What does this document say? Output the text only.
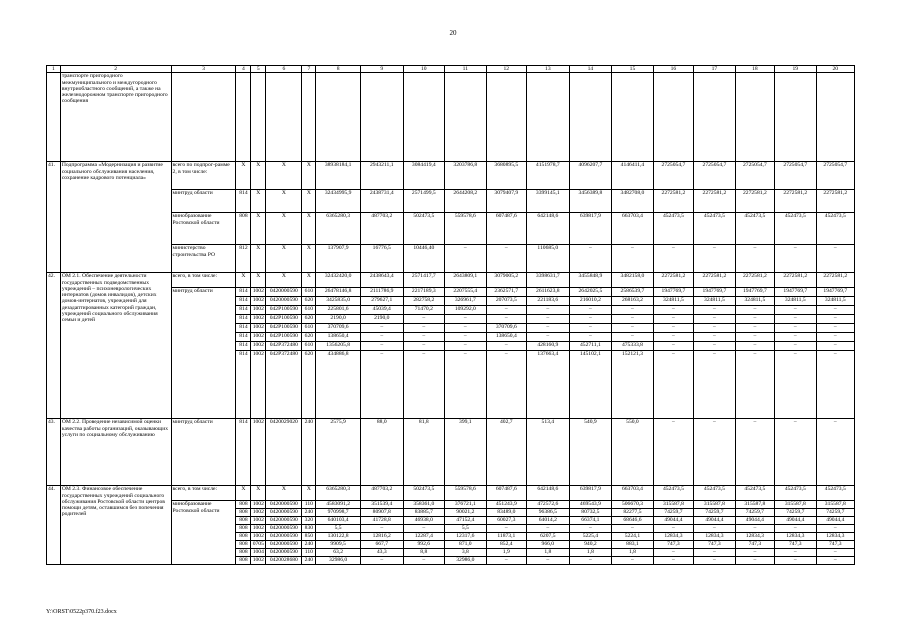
20
1	2	3	4	5	6	7	8	9	10	11	12	13	14	15	16	17	18	19	20
	транспорте пригородного межмуниципального и междугородного внутриобластного сообщений, а также на железнодорожном транспорте пригородного сообщения																		
41.	Подпрограмма «Модернизация и развитие социального обслуживания населения, сохранение кадрового потенциала»	всего по подпрог-рамме 2, в том числе:	X	X	X	X	38938184,1	2943211,1	3084419,4	3203786,8	3680895,5	4151978,7	4096207,7	4146411,4	2725054,7	2725054,7	2725054,7	2725054,7	2725054,7
		минтруд области	814	X	X	X	32434995,9	2438731,4	2571499,5	2644208,2	3079407,9	3399145,1	3456389,8	3482708,0	2272581,2	2272581,2	2272581,2	2272581,2	2272581,2
		минобразование Ростовской области	808	X	X	X	6365280,3	487703,2	502473,5	559578,6	607487,6	642148,6	639817,9	663703,4	452473,5	452473,5	452473,5	452473,5	452473,5
		министерство строительства РО	812	X	X	X	137907,9	16776,5	10446,40	–	–	110685,0	–	–	–	–	–	–	–
42.	ОМ 2.1. Обеспечение деятельности государственных подведомственных учреждений – психоневрологических интернатов (домов инвалидов), детских домов-интернатов, учреждений для дезадаптированных категорий граждан, учреждений социального обслуживания семьи и детей	всего, в том числе:	X	X	X	X	32432420,0	2438643,4	2571417,7	2643809,1	3079005,2	3398631,7	3455848,9	3482158,0	2272581,2	2272581,2	2272581,2	2272581,2	2272581,2
		минтруд области	814	1002	0420000590	610	26478146,8	2111786,9	2217189,3	2207555,4	2362571,7	2611623,8	2642025,5	2586539,7	1947769,7	1947769,7	1947769,7	1947769,7	1947769,7
			814	1002	0420000590	620	3425835,0	279627,1	282758,2	326961,7	207073,5	221183,6	216010,2	268163,2	324811,5	324811,5	324811,5	324811,5	324811,5
			814	1002	042P100590	610	225801,6	45039,4	71470,2	109292,0	–	–	–	–	–	–	–	–	–
			814	1002	042P100590	620	2190,0	2190,0	–	–	–	–	–	–	–	–	–	–	–
			814	1002	042P100590	610	370709,6	–	–	–	370709,6	–	–	–	–	–	–	–	–
			814	1002	042P100590	620	138650,4	–	–	–	138650,4	–	–	–	–	–	–	–	–
			814	1002	042P372480	610	1356205,8	–	–	–	–	428160,9	452711,1	475333,8	–	–	–	–	–
			814	1002	042P372480	620	434886,8	–	–	–	–	137663,4	145102,1	152121,3	–	–	–	–	–
43.	ОМ 2.2. Проведение независимой оценки качества работы организаций, оказывающих услуги по социальному обслуживанию	минтруд области	814	1002	0420029020	240	2575,9	88,0	81,8	399,1	402,7	513,4	540,9	550,0	–	–	–	–	–
44.	ОМ 2.3. Финансовое обеспечение государственных учреждений социального обслуживания Ростовской области центров помощи детям, оставшимся без попечения родителей	всего, в том числе:	X	X	X	X	6365280,3	487703,2	502473,5	559578,6	607487,6	642148,6	639817,9	663703,4	452473,5	452473,5	452473,5	452473,5	452473,5
		минобразование Ростовской области	808	1002	0420000590	110	4583091,2	351539,4	358361,0	376721,1	451243,9	472572,6	469543,9	506670,3	315587,8	315587,8	315587,8	315587,8	315587,8
			808	1002	0420000590	240	970998,7	80907,8	83885,7	90021,2	83489,0	96386,5	80732,5	82277,5	74259,7	74259,7	74259,7	74259,7	74259,7
			808	1002	0420000590	320	640103,4	41728,8	46938,0	47152,4	60027,3	64014,2	66374,1	68646,6	49044,4	49044,4	49044,4	49044,4	49044,4
			808	1002	0420000590	830	5,5	–	–	5,5	–	–	–	–	–	–	–	–	–
			808	1002	0420000590	850	130122,8	12816,2	12287,4	12317,6	11873,1	6207,5	5225,4	5224,1	12834,3	12834,3	12834,3	12834,3	12834,3
			808	0705	0420000590	240	9909,5	667,7	992,6	871,0	852,4	966,0	940,2	883,1	747,3	747,3	747,3	747,3	747,3
			808	1004	0420000590	110	63,2	43,3	8,8	3,8	1,9	1,8	1,8	1,8	–	–	–	–	–
			808	1002	0420028680	240	32986,0	–	–	32986,0	–	–	–	–	–	–	–	–	–
Y:\ORST\0522p370.f23.docx
